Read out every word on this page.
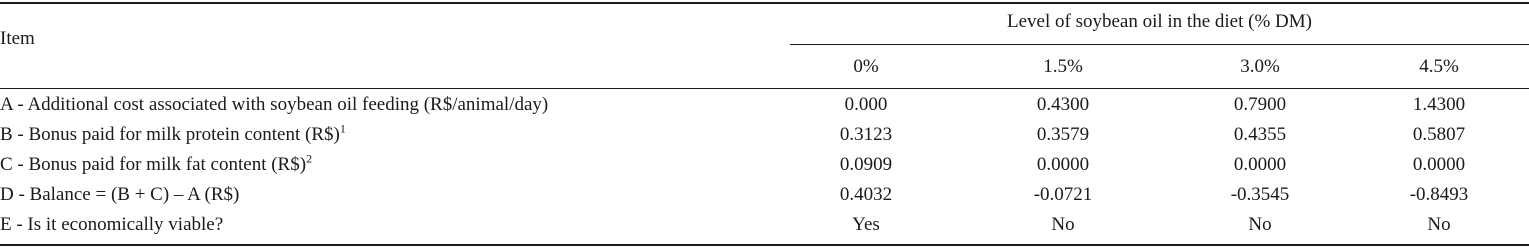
Item
Level of soybean oil in the diet (% DM)
0%	1.5%	3.0%	4.5%
A - Additional cost associated with soybean oil feeding (R$/animal/day)	0.000	0.4300	0.7900	1.4300
B - Bonus paid for milk protein content (R$)$^1$	0.3123	0.3579	0.4355	0.5807
C - Bonus paid for milk fat content (R$)$^2$	0.0909	0.0000	0.0000	0.0000
D - Balance = (B + C) – A (R$)	0.4032	-0.0721	-0.3545	-0.8493
E - Is it economically viable?	Yes	No	No	No
